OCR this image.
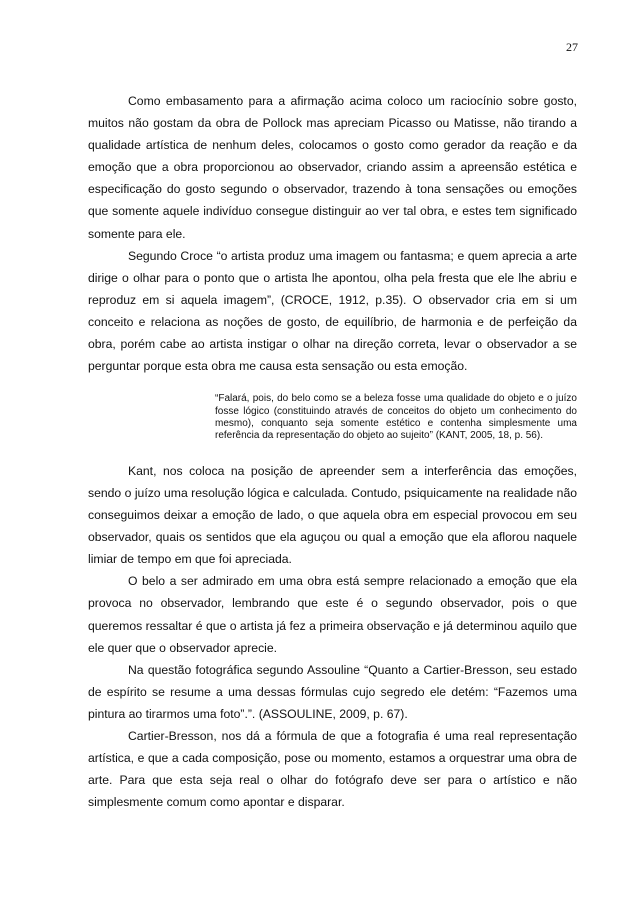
27

Como embasamento para a afirmação acima coloco um raciocínio sobre gosto, muitos não gostam da obra de Pollock mas apreciam Picasso ou Matisse, não tirando a qualidade artística de nenhum deles, colocamos o gosto como gerador da reação e da emoção que a obra proporcionou ao observador, criando assim a apreensão estética e especificação do gosto segundo o observador, trazendo à tona sensações ou emoções que somente aquele indivíduo consegue distinguir ao ver tal obra, e estes tem significado somente para ele.

Segundo Croce “o artista produz uma imagem ou fantasma; e quem aprecia a arte dirige o olhar para o ponto que o artista lhe apontou, olha pela fresta que ele lhe abriu e reproduz em si aquela imagem”, (CROCE, 1912, p.35). O observador cria em si um conceito e relaciona as noções de gosto, de equilíbrio, de harmonia e de perfeição da obra, porém cabe ao artista instigar o olhar na direção correta, levar o observador a se perguntar porque esta obra me causa esta sensação ou esta emoção.

“Falará, pois, do belo como se a beleza fosse uma qualidade do objeto e o juízo fosse lógico (constituindo através de conceitos do objeto um conhecimento do mesmo), conquanto seja somente estético e contenha simplesmente uma referência da representação do objeto ao sujeito” (KANT, 2005, 18, p. 56).

Kant, nos coloca na posição de apreender sem a interferência das emoções, sendo o juízo uma resolução lógica e calculada. Contudo, psiquicamente na realidade não conseguimos deixar a emoção de lado, o que aquela obra em especial provocou em seu observador, quais os sentidos que ela aguçou ou qual a emoção que ela aflorou naquele limiar de tempo em que foi apreciada.

O belo a ser admirado em uma obra está sempre relacionado a emoção que ela provoca no observador, lembrando que este é o segundo observador, pois o que queremos ressaltar é que o artista já fez a primeira observação e já determinou aquilo que ele quer que o observador aprecie.

Na questão fotográfica segundo Assouline “Quanto a Cartier-Bresson, seu estado de espírito se resume a uma dessas fórmulas cujo segredo ele detém: “Fazemos uma pintura ao tirarmos uma foto”.”. (ASSOULINE, 2009, p. 67).

Cartier-Bresson, nos dá a fórmula de que a fotografia é uma real representação artística, e que a cada composição, pose ou momento, estamos a orquestrar uma obra de arte. Para que esta seja real o olhar do fotógrafo deve ser para o artístico e não simplesmente comum como apontar e disparar.
